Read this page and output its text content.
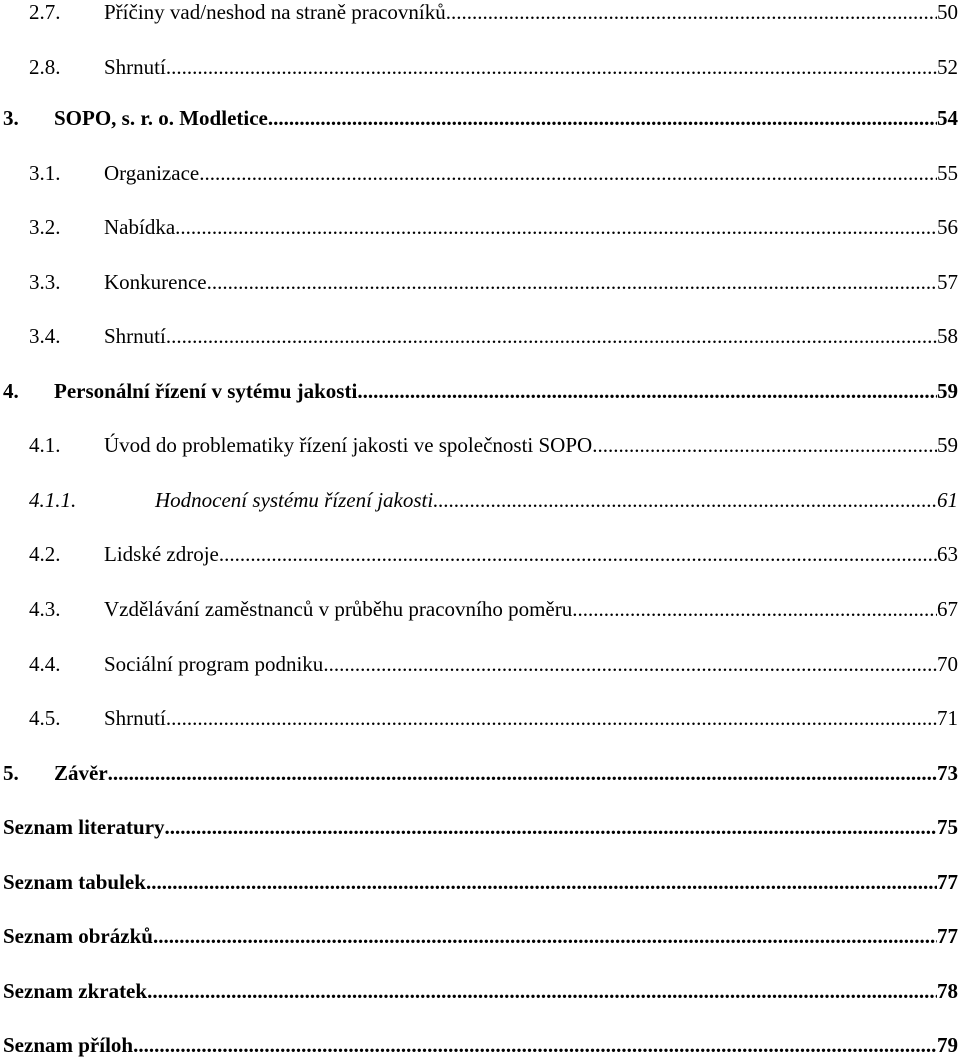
2.7. Příčiny vad/neshod na straně pracovníků .....	50
2.8. Shrnutí .....	52
3. SOPO, s. r. o. Modletice .....	54
3.1. Organizace .....	55
3.2. Nabídka .....	56
3.3. Konkurence .....	57
3.4. Shrnutí .....	58
4. Personální řízení v sytému jakosti .....	59
4.1. Úvod do problematiky řízení jakosti ve společnosti SOPO .....	59
4.1.1.	Hodnocení systému řízení jakosti .....	61
4.2. Lidské zdroje .....	63
4.3. Vzdělávání zaměstnanců v průběhu pracovního poměru .....	67
4.4. Sociální program podniku .....	70
4.5. Shrnutí .....	71
5. Závěr .....	73
Seznam literatury .....	75
Seznam tabulek .....	77
Seznam obrázků .....	77
Seznam zkratek .....	78
Seznam příloh .....	79
